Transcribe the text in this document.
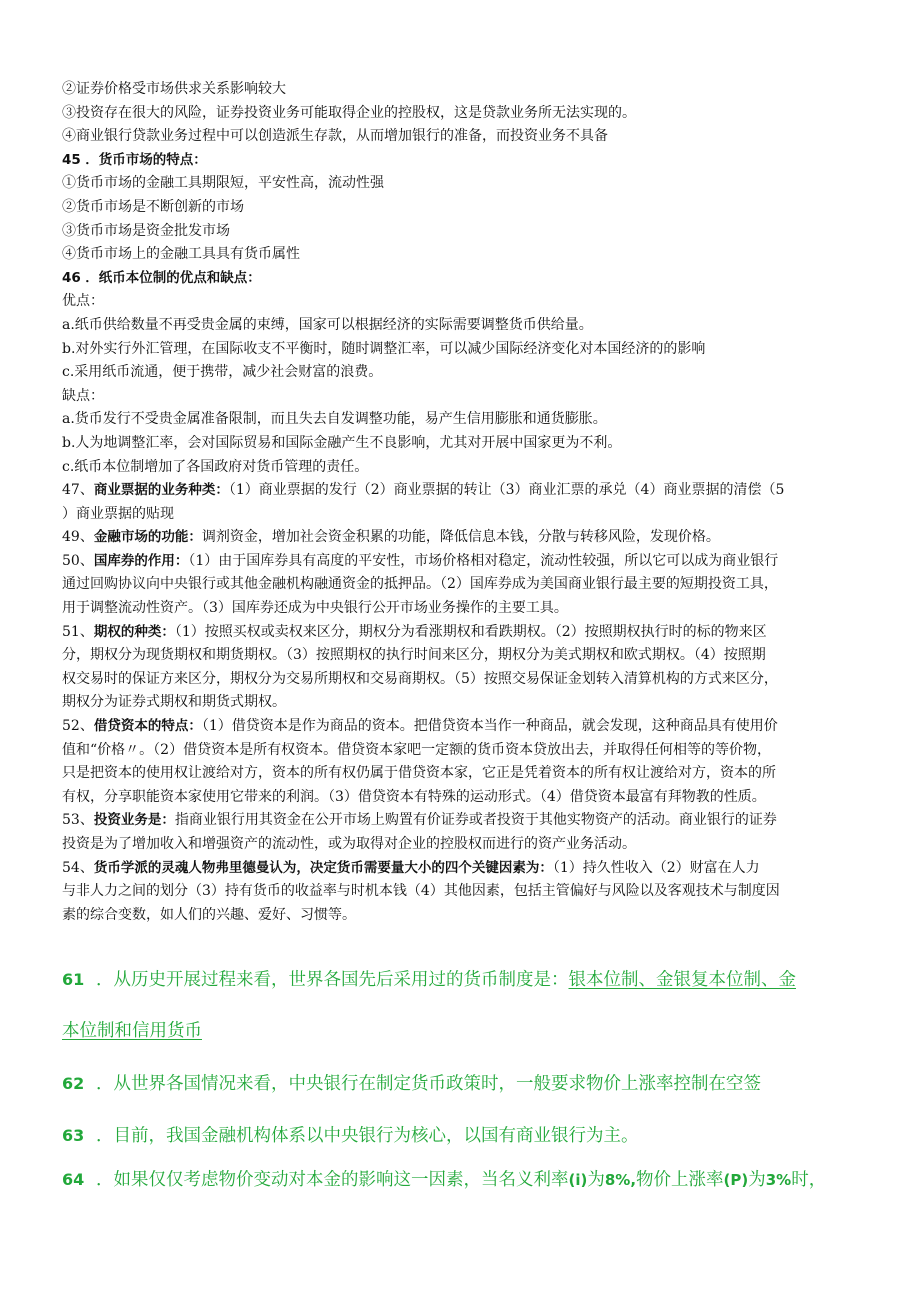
②证券价格受市场供求关系影响较大
③投资存在很大的风险，证券投资业务可能取得企业的控股权，这是贷款业务所无法实现的。
④商业银行贷款业务过程中可以创造派生存款，从而增加银行的准备，而投资业务不具备
45 ．货币市场的特点：
①货币市场的金融工具期限短，平安性高，流动性强
②货币市场是不断创新的市场
③货币市场是资金批发市场
④货币市场上的金融工具具有货币属性
46 ．纸币本位制的优点和缺点：
优点：
a.纸币供给数量不再受贵金属的束缚，国家可以根据经济的实际需要调整货币供给量。
b.对外实行外汇管理，在国际收支不平衡时，随时调整汇率，可以减少国际经济变化对本国经济的的影响
c.采用纸币流通，便于携带，减少社会财富的浪费。
缺点：
a.货币发行不受贵金属准备限制，而且失去自发调整功能，易产生信用膨胀和通货膨胀。
b.人为地调整汇率，会对国际贸易和国际金融产生不良影响，尤其对开展中国家更为不利。
c.纸币本位制增加了各国政府对货币管理的责任。
47、商业票据的业务种类：（1）商业票据的发行（2）商业票据的转让（3）商业汇票的承兑（4）商业票据的清偿（5
）商业票据的贴现
49、金融市场的功能：调剂资金，增加社会资金积累的功能，降低信息本钱，分散与转移风险，发现价格。
50、国库券的作用：（1）由于国库券具有高度的平安性，市场价格相对稳定，流动性较强，所以它可以成为商业银行
通过回购协议向中央银行或其他金融机构融通资金的抵押品。（2）国库券成为美国商业银行最主要的短期投资工具，
用于调整流动性资产。（3）国库券还成为中央银行公开市场业务操作的主要工具。
51、期权的种类：（1）按照买权或卖权来区分，期权分为看涨期权和看跌期权。（2）按照期权执行时的标的物来区
分，期权分为现货期权和期货期权。（3）按照期权的执行时间来区分，期权分为美式期权和欧式期权。（4）按照期
权交易时的保证方来区分，期权分为交易所期权和交易商期权。（5）按照交易保证金划转入清算机构的方式来区分，
期权分为证券式期权和期货式期权。
52、借贷资本的特点：（1）借贷资本是作为商品的资本。把借贷资本当作一种商品，就会发现，这种商品具有使用价
值和“价格〃。（2）借贷资本是所有权资本。借贷资本家吧一定额的货币资本贷放出去，并取得任何相等的等价物，
只是把资本的使用权让渡给对方，资本的所有权仍属于借贷资本家，它正是凭着资本的所有权让渡给对方，资本的所
有权，分享职能资本家使用它带来的利润。（3）借贷资本有特殊的运动形式。（4）借贷资本最富有拜物教的性质。
53、投资业务是：指商业银行用其资金在公开市场上购置有价证券或者投资于其他实物资产的活动。商业银行的证券
投资是为了增加收入和增强资产的流动性，或为取得对企业的控股权而进行的资产业务活动。
54、货币学派的灵魂人物弗里德曼认为，决定货币需要量大小的四个关键因素为：（1）持久性收入（2）财富在人力
与非人力之间的划分（3）持有货币的收益率与时机本钱（4）其他因素，包括主管偏好与风险以及客观技术与制度因
素的综合变数，如人们的兴趣、爱好、习惯等。
61 ．从历史开展过程来看，世界各国先后采用过的货币制度是：银本位制、金银复本位制、金
本位制和信用货币
62 ．从世界各国情况来看，中央银行在制定货币政策时，一般要求物价上涨率控制在空签
63 ．目前，我国金融机构体系以中央银行为核心，以国有商业银行为主。
64 ．如果仅仅考虑物价变动对本金的影响这一因素，当名义利率(i)为8%,物价上涨率(P)为3%时，
